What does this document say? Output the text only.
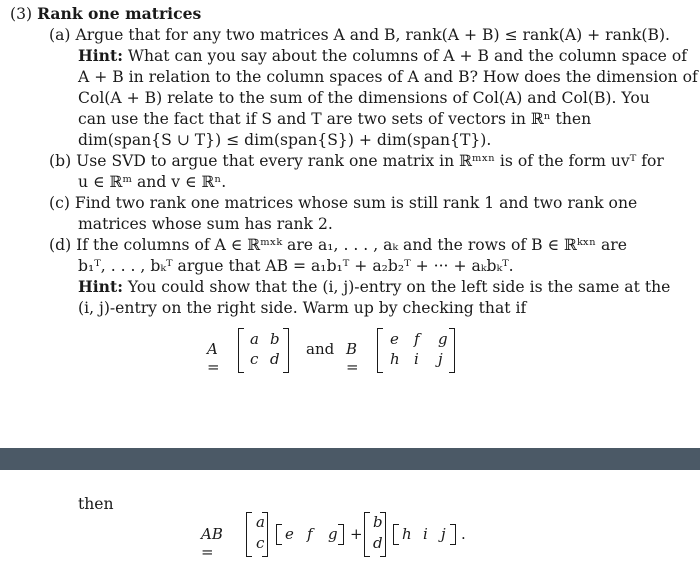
(3) Rank one matrices
(a) Argue that for any two matrices A and B, rank(A + B) ≤ rank(A) + rank(B).
Hint: What can you say about the columns of A + B and the column space of
A + B in relation to the column spaces of A and B? How does the dimension of
Col(A + B) relate to the sum of the dimensions of Col(A) and Col(B). You
can use the fact that if S and T are two sets of vectors in ℝⁿ then
dim(span{S ∪ T}) ≤ dim(span{S}) + dim(span{T}).
(b) Use SVD to argue that every rank one matrix in ℝᵐˣⁿ is of the form uvᵀ for
u ∈ ℝᵐ and v ∈ ℝⁿ.
(c) Find two rank one matrices whose sum is still rank 1 and two rank one
matrices whose sum has rank 2.
(d) If the columns of A ∈ ℝᵐˣᵏ are a₁, . . . , aₖ and the rows of B ∈ ℝᵏˣⁿ are
b₁ᵀ, . . . , bₖᵀ argue that AB = a₁b₁ᵀ + a₂b₂ᵀ + ··· + aₖbₖᵀ.
Hint: You could show that the (i, j)-entry on the left side is the same at the
(i, j)-entry on the right side. Warm up by checking that if
A =
a b
c d
and B =
e f g
h i j
then
AB =
a
c e f g +
b
d h i j .
